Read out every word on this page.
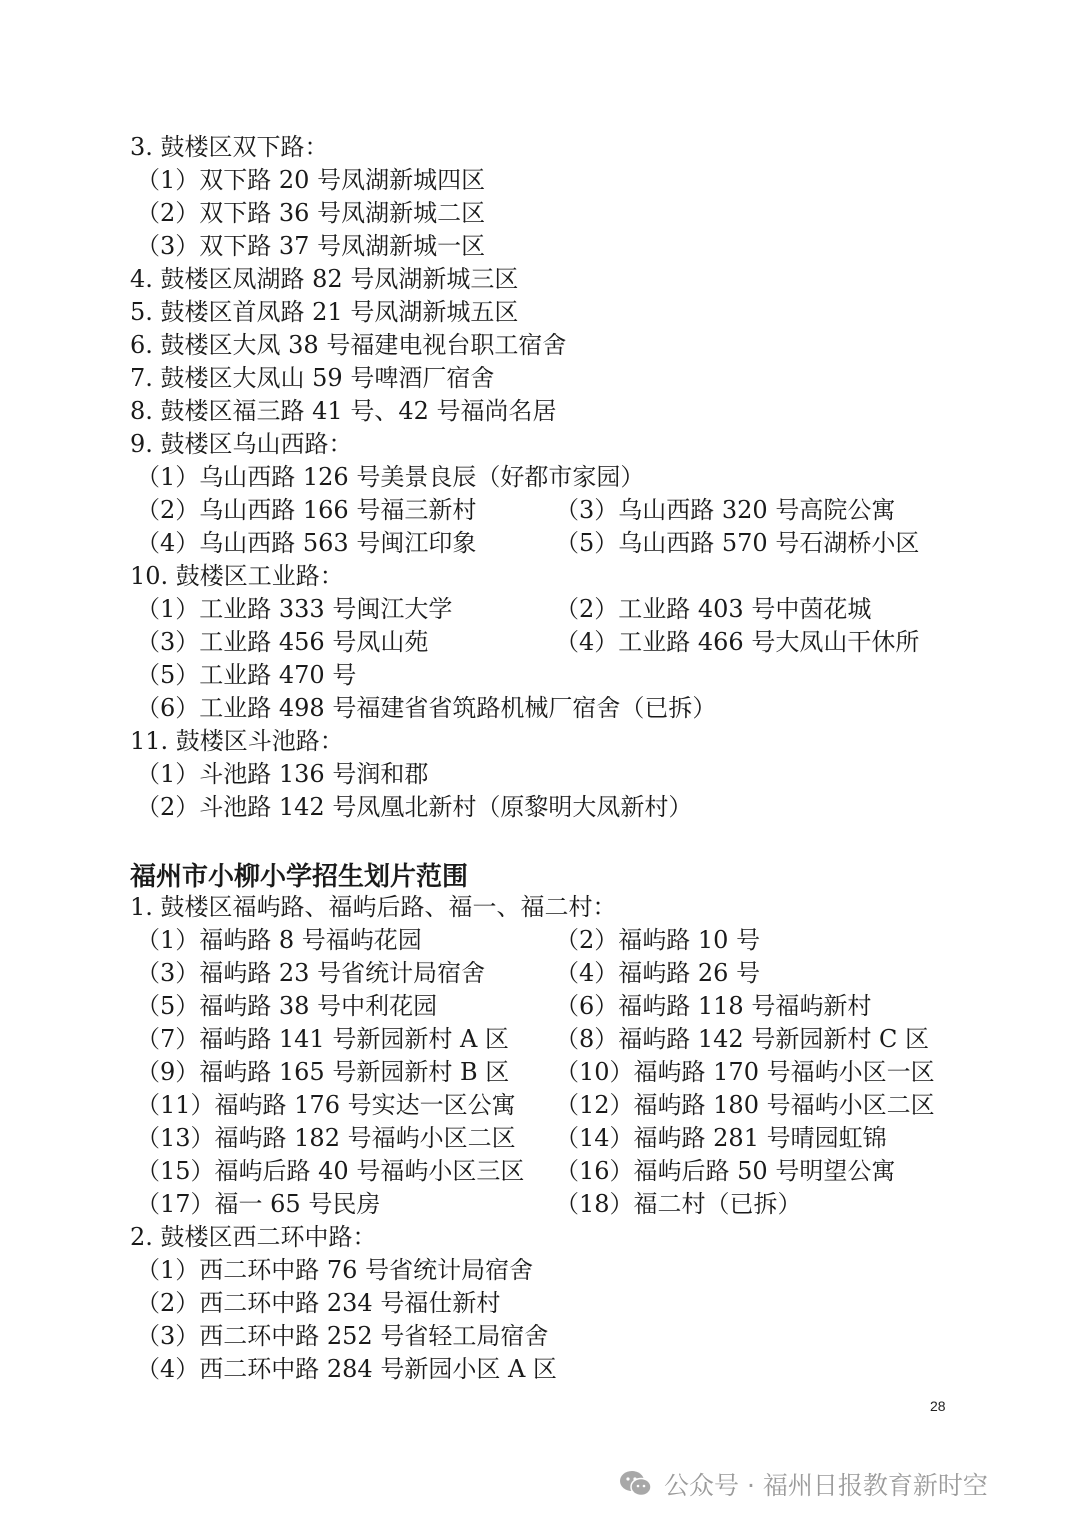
3. 鼓楼区双下路：
（1）双下路 20 号凤湖新城四区
（2）双下路 36 号凤湖新城二区
（3）双下路 37 号凤湖新城一区
4. 鼓楼区凤湖路 82 号凤湖新城三区
5. 鼓楼区首凤路 21 号凤湖新城五区
6. 鼓楼区大凤 38 号福建电视台职工宿舍
7. 鼓楼区大凤山 59 号啤酒厂宿舍
8. 鼓楼区福三路 41 号、42 号福尚名居
9. 鼓楼区乌山西路：
（1）乌山西路 126 号美景良辰（好都市家园）
（2）乌山西路 166 号福三新村	（3）乌山西路 320 号高院公寓
（4）乌山西路 563 号闽江印象	（5）乌山西路 570 号石湖桥小区
10. 鼓楼区工业路：
（1）工业路 333 号闽江大学	（2）工业路 403 号中茵花城
（3）工业路 456 号凤山苑	（4）工业路 466 号大凤山干休所
（5）工业路 470 号
（6）工业路 498 号福建省省筑路机械厂宿舍（已拆）
11. 鼓楼区斗池路：
（1）斗池路 136 号润和郡
（2）斗池路 142 号凤凰北新村（原黎明大凤新村）
福州市小柳小学招生划片范围
1. 鼓楼区福屿路、福屿后路、福一、福二村：
（1）福屿路 8 号福屿花园	（2）福屿路 10 号
（3）福屿路 23 号省统计局宿舍	（4）福屿路 26 号
（5）福屿路 38 号中利花园	（6）福屿路 118 号福屿新村
（7）福屿路 141 号新园新村 A 区 （8）福屿路 142 号新园新村 C 区
（9）福屿路 165 号新园新村 B 区 （10）福屿路 170 号福屿小区一区
（11）福屿路 176 号实达一区公寓 （12）福屿路 180 号福屿小区二区
（13）福屿路 182 号福屿小区二区 （14）福屿路 281 号晴园虹锦
（15）福屿后路 40 号福屿小区三区 （16）福屿后路 50 号明望公寓
（17）福一 65 号民房	（18）福二村（已拆）
2. 鼓楼区西二环中路：
（1）西二环中路 76 号省统计局宿舍
（2）西二环中路 234 号福仕新村
（3）西二环中路 252 号省轻工局宿舍
（4）西二环中路 284 号新园小区 A 区
28
公众号 · 福州日报教育新时空
